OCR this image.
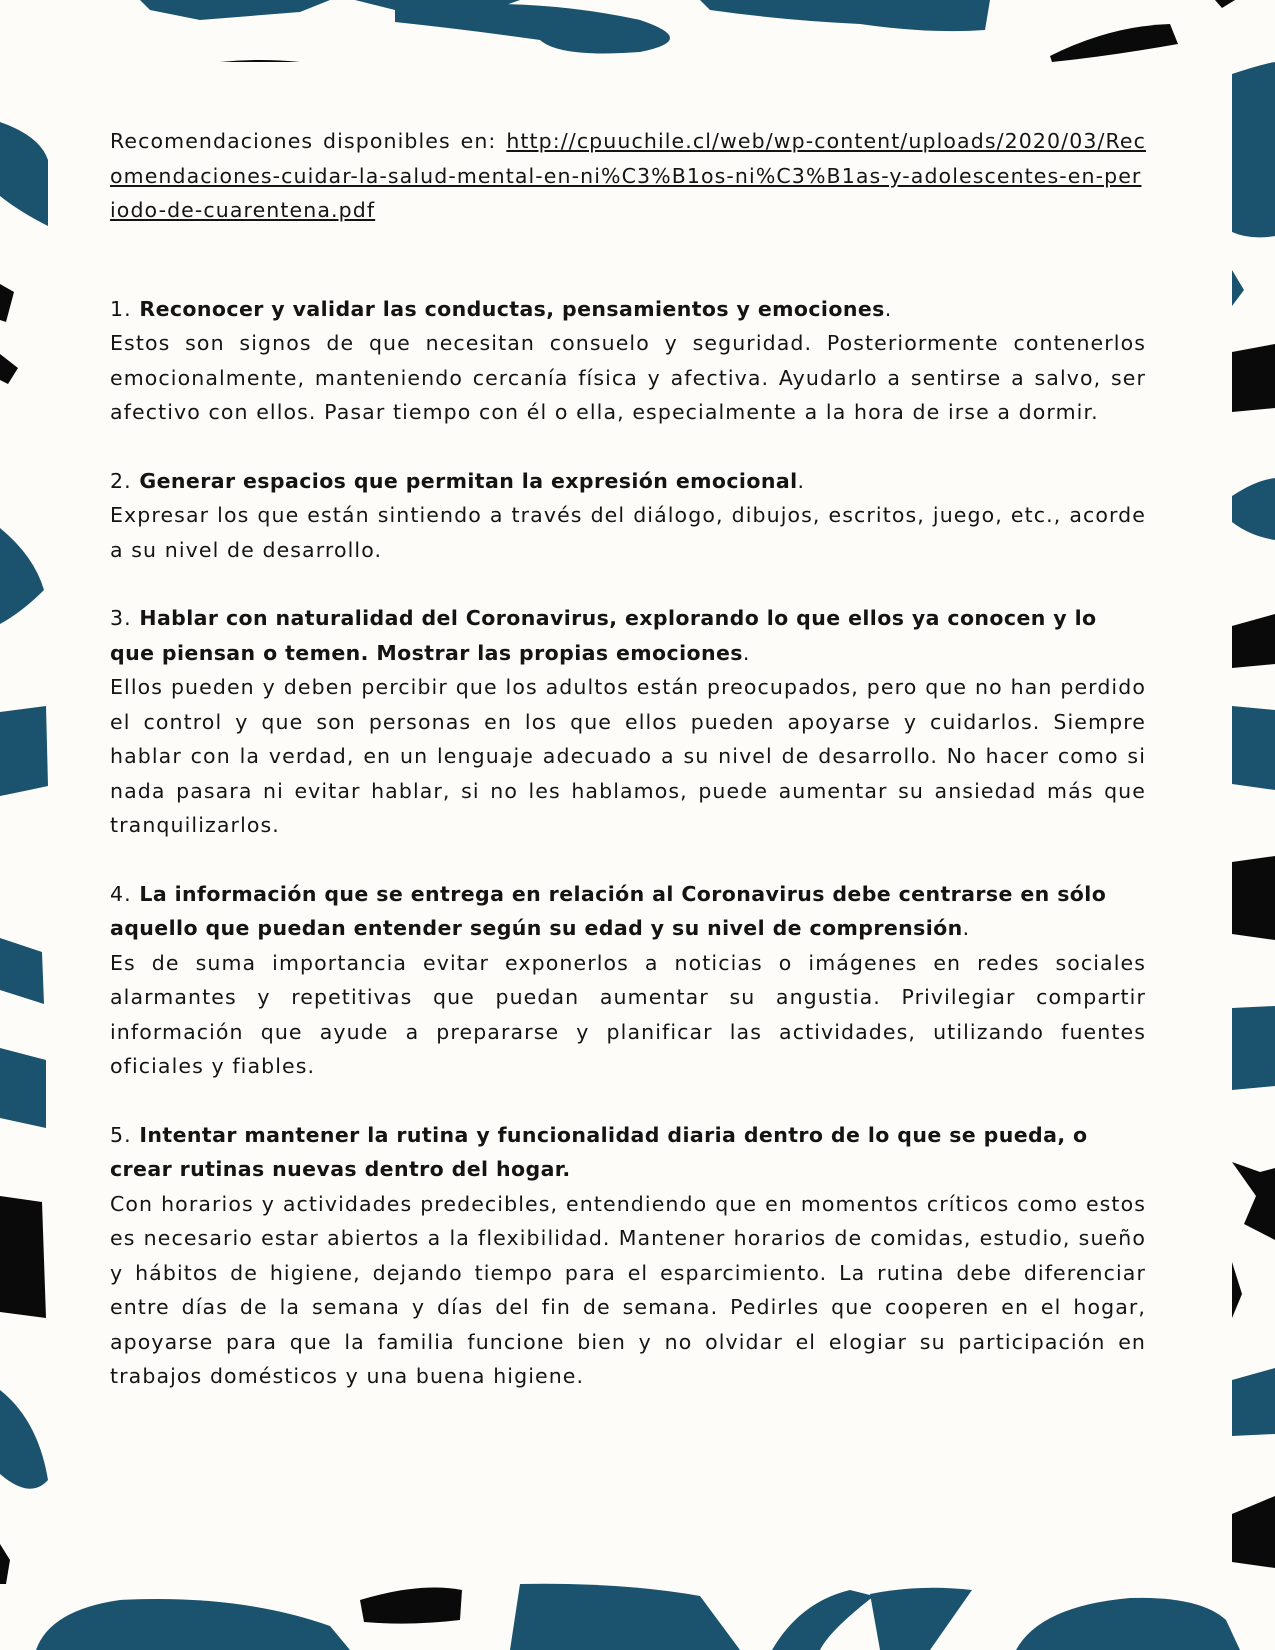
Recomendaciones disponibles en: http://cpuuchile.cl/web/wp-content/uploads/2020/03/Recomendaciones-cuidar-la-salud-mental-en-ni%C3%B1os-ni%C3%B1as-y-adolescentes-en-periodo-de-cuarentena.pdf

1. Reconocer y validar las conductas, pensamientos y emociones.

Estos son signos de que necesitan consuelo y seguridad. Posteriormente contenerlos emocionalmente, manteniendo cercanía física y afectiva. Ayudarlo a sentirse a salvo, ser afectivo con ellos. Pasar tiempo con él o ella, especialmente a la hora de irse a dormir.

2. Generar espacios que permitan la expresión emocional.

Expresar los que están sintiendo a través del diálogo, dibujos, escritos, juego, etc., acorde a su nivel de desarrollo.

3. Hablar con naturalidad del Coronavirus, explorando lo que ellos ya conocen y lo que piensan o temen. Mostrar las propias emociones.

Ellos pueden y deben percibir que los adultos están preocupados, pero que no han perdido el control y que son personas en los que ellos pueden apoyarse y cuidarlos. Siempre hablar con la verdad, en un lenguaje adecuado a su nivel de desarrollo. No hacer como si nada pasara ni evitar hablar, si no les hablamos, puede aumentar su ansiedad más que tranquilizarlos.

4. La información que se entrega en relación al Coronavirus debe centrarse en sólo aquello que puedan entender según su edad y su nivel de comprensión.

Es de suma importancia evitar exponerlos a noticias o imágenes en redes sociales alarmantes y repetitivas que puedan aumentar su angustia. Privilegiar compartir información que ayude a prepararse y planificar las actividades, utilizando fuentes oficiales y fiables.

5. Intentar mantener la rutina y funcionalidad diaria dentro de lo que se pueda, o crear rutinas nuevas dentro del hogar.

Con horarios y actividades predecibles, entendiendo que en momentos críticos como estos es necesario estar abiertos a la flexibilidad. Mantener horarios de comidas, estudio, sueño y hábitos de higiene, dejando tiempo para el esparcimiento. La rutina debe diferenciar entre días de la semana y días del fin de semana. Pedirles que cooperen en el hogar, apoyarse para que la familia funcione bien y no olvidar el elogiar su participación en trabajos domésticos y una buena higiene.
